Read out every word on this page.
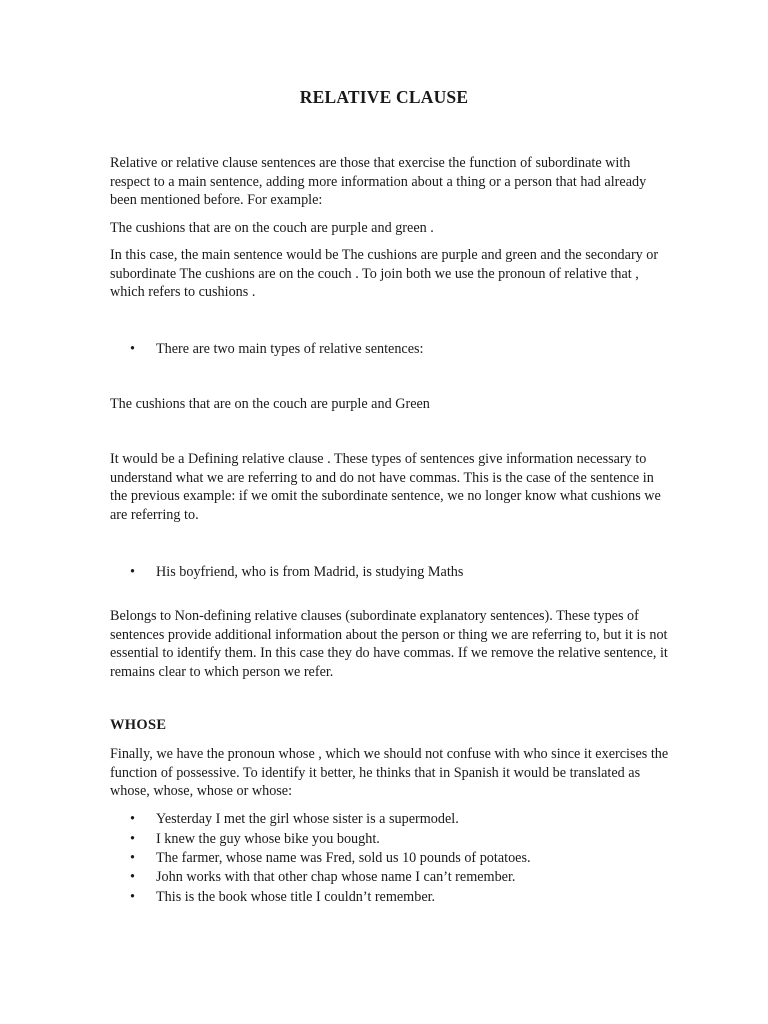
RELATIVE CLAUSE

Relative or relative clause sentences are those that exercise the function of subordinate with respect to a main sentence, adding more information about a thing or a person that had already been mentioned before. For example:

The cushions that are on the couch are purple and green .

In this case, the main sentence would be The cushions are purple and green and the secondary or subordinate The cushions are on the couch . To join both we use the pronoun of relative that , which refers to cushions .

• There are two main types of relative sentences:

The cushions that are on the couch are purple and Green

It would be a Defining relative clause . These types of sentences give information necessary to understand what we are referring to and do not have commas. This is the case of the sentence in the previous example: if we omit the subordinate sentence, we no longer know what cushions we are referring to.

• His boyfriend, who is from Madrid, is studying Maths

Belongs to Non-defining relative clauses (subordinate explanatory sentences). These types of sentences provide additional information about the person or thing we are referring to, but it is not essential to identify them. In this case they do have commas. If we remove the relative sentence, it remains clear to which person we refer.

WHOSE

Finally, we have the pronoun whose , which we should not confuse with who since it exercises the function of possessive. To identify it better, he thinks that in Spanish it would be translated as whose, whose, whose or whose:

• Yesterday I met the girl whose sister is a supermodel.
• I knew the guy whose bike you bought.
• The farmer, whose name was Fred, sold us 10 pounds of potatoes.
• John works with that other chap whose name I can’t remember.
• This is the book whose title I couldn’t remember.
